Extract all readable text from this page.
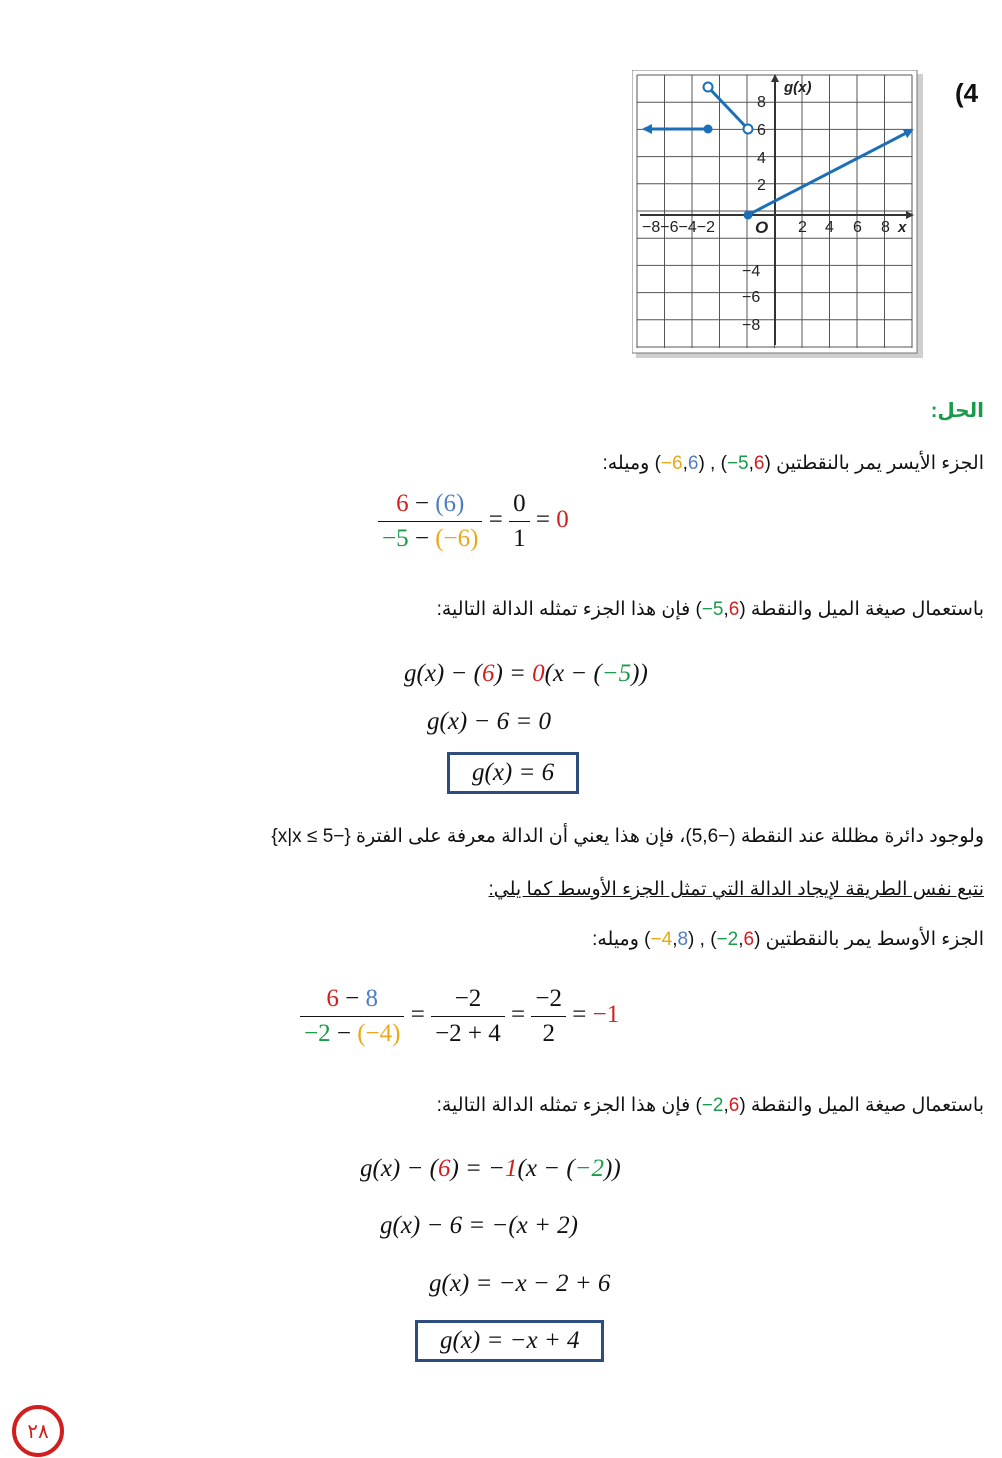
(4
g(x)
x
O
−8−6−4−2	2 4 6 8
8
6
4
2
−4
−6
−8
الحل:
الجزء الأيسر يمر بالنقطتين (−5,6) , (−6,6) وميله:
$\frac{6 - (6)}{-5 - (-6)} = \frac{0}{1} = 0$
باستعمال صيغة الميل والنقطة (−5,6) فإن هذا الجزء تمثله الدالة التالية:
g(x) − (6) = 0(x − (−5))
g(x) − 6 = 0
g(x) = 6
ولوجود دائرة مظللة عند النقطة (−5,6)، فإن هذا يعني أن الدالة معرفة على الفترة {−5 ≥ x|x}
نتبع نفس الطريقة لإيجاد الدالة التي تمثل الجزء الأوسط كما يلي:
الجزء الأوسط يمر بالنقطتين (−2,6) , (−4,8) وميله:
$\frac{6 - 8}{-2 - (-4)} = \frac{-2}{-2 + 4} = \frac{-2}{2} = -1$
باستعمال صيغة الميل والنقطة (−2,6) فإن هذا الجزء تمثله الدالة التالية:
g(x) − (6) = −1(x − (−2))
g(x) − 6 = −(x + 2)
g(x) = −x − 2 + 6
g(x) = −x + 4
٢٨
